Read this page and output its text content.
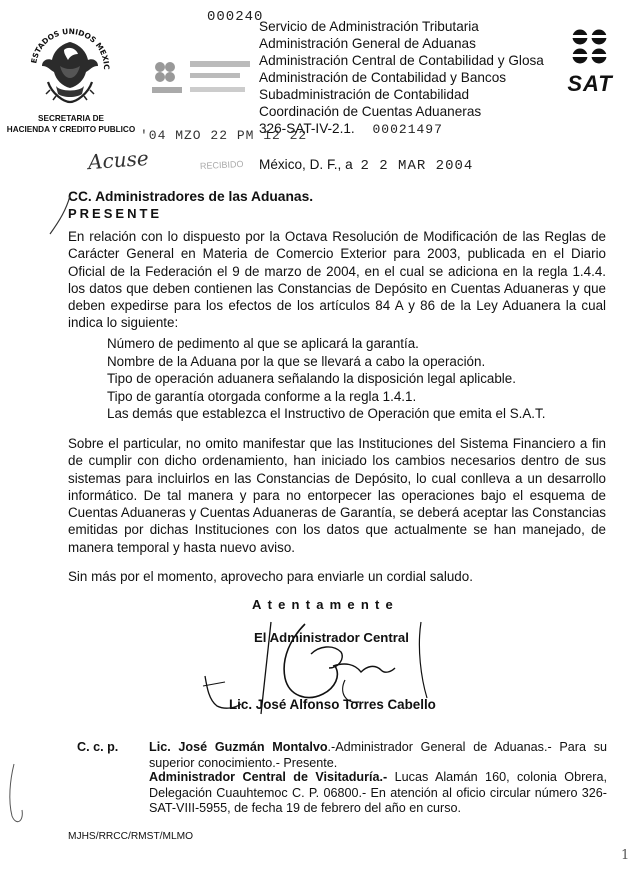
000240
ESTADOS UNIDOS MEXIC
SECRETARIA DE
HACIENDA Y CREDITO PUBLICO
Servicio de Administración Tributaria
Administración General de Aduanas
Administración Central de Contabilidad y Glosa
Administración de Contabilidad y Bancos
Subadministración de Contabilidad
Coordinación de Cuentas Aduaneras
326-SAT-IV-2.1. 00021497
SAT
'04 MZO 22 PM 12 22
Acuse	RECIBIDO México, D. F., a 2 2 MAR 2004
CC. Administradores de las Aduanas.
PRESENTE
En relación con lo dispuesto por la Octava Resolución de Modificación de las Reglas de Carácter General en Materia de Comercio Exterior para 2003, publicada en el Diario Oficial de la Federación el 9 de marzo de 2004, en el cual se adiciona en la regla 1.4.4. los datos que deben contienen las Constancias de Depósito en Cuentas Aduaneras y que deben expedirse para los efectos de los artículos 84 A y 86 de la Ley Aduanera la cual indica lo siguiente:
Número de pedimento al que se aplicará la garantía.
Nombre de la Aduana por la que se llevará a cabo la operación.
Tipo de operación aduanera señalando la disposición legal aplicable.
Tipo de garantía otorgada conforme a la regla 1.4.1.
Las demás que establezca el Instructivo de Operación que emita el S.A.T.
Sobre el particular, no omito manifestar que las Instituciones del Sistema Financiero a fin de cumplir con dicho ordenamiento, han iniciado los cambios necesarios dentro de sus sistemas para incluirlos en las Constancias de Depósito, lo cual conlleva a un desarrollo informático. De tal manera y para no entorpecer las operaciones bajo el esquema de Cuentas Aduaneras y Cuentas Aduaneras de Garantía, se deberá aceptar las Constancias emitidas por dichas Instituciones con los datos que actualmente se han manejado, de manera temporal y hasta nuevo aviso.
Sin más por el momento, aprovecho para enviarle un cordial saludo.
Atentamente
El Administrador Central
Lic. José Alfonso Torres Cabello
C. c. p. Lic. José Guzmán Montalvo.-Administrador General de Aduanas.- Para su superior conocimiento.- Presente.
Administrador Central de Visitaduría.- Lucas Alamán 160, colonia Obrera, Delegación Cuauhtemoc C. P. 06800.- En atención al oficio circular número 326-SAT-VIII-5955, de fecha 19 de febrero del año en curso.
MJHS/RRCC/RMST/MLMO
1
